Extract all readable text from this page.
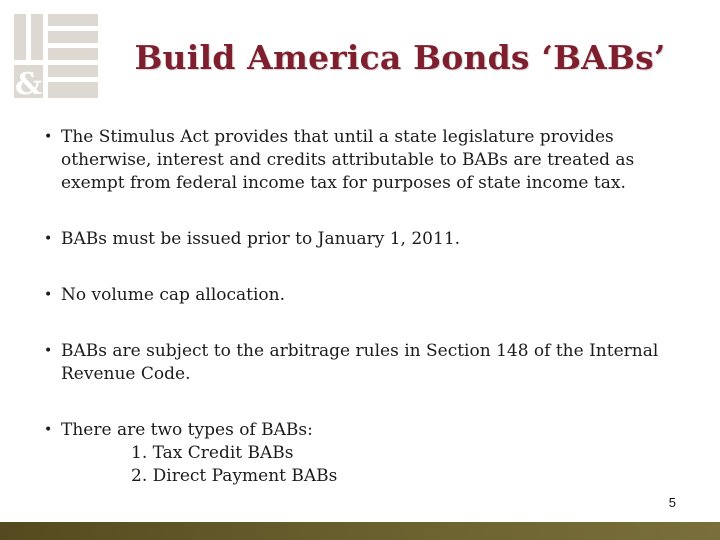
&
Build America Bonds ‘BABs’
• The Stimulus Act provides that until a state legislature provides otherwise, interest and credits attributable to BABs are treated as exempt from federal income tax for purposes of state income tax.
• BABs must be issued prior to January 1, 2011.
• No volume cap allocation.
• BABs are subject to the arbitrage rules in Section 148 of the Internal Revenue Code.
• There are two types of BABs:
1. Tax Credit BABs
2. Direct Payment BABs
5
